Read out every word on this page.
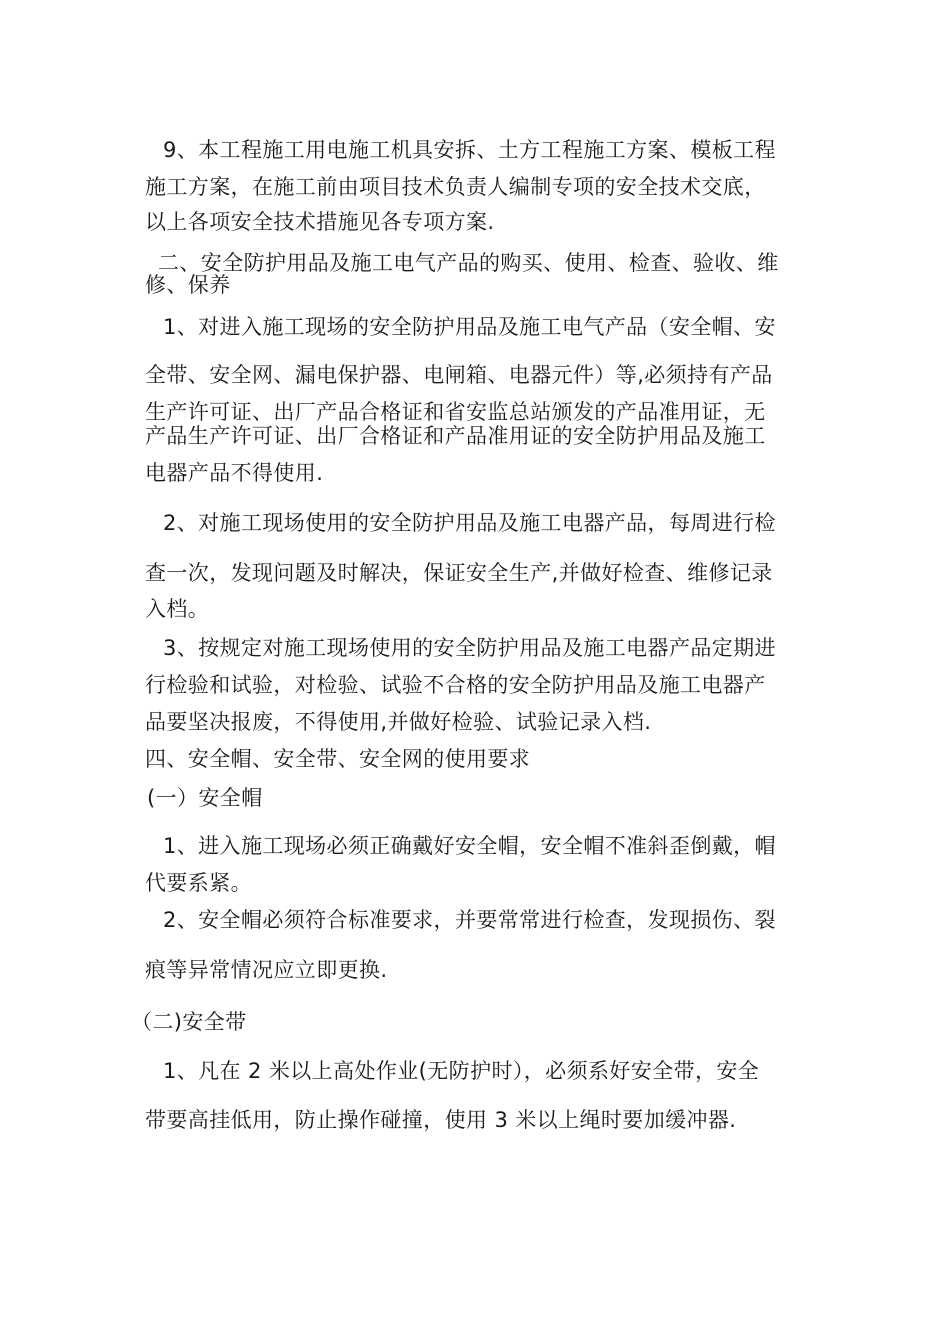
9、本工程施工用电施工机具安拆、土方工程施工方案、模板工程
施工方案，在施工前由项目技术负责人编制专项的安全技术交底，
以上各项安全技术措施见各专项方案.
二、安全防护用品及施工电气产品的购买、使用、检查、验收、维
修、保养
1、对进入施工现场的安全防护用品及施工电气产品（安全帽、安
全带、安全网、漏电保护器、电闸箱、电器元件）等,必须持有产品
生产许可证、出厂产品合格证和省安监总站颁发的产品准用证，无
产品生产许可证、出厂合格证和产品准用证的安全防护用品及施工
电器产品不得使用.
2、对施工现场使用的安全防护用品及施工电器产品，每周进行检
查一次，发现问题及时解决，保证安全生产,并做好检查、维修记录
入档。
3、按规定对施工现场使用的安全防护用品及施工电器产品定期进
行检验和试验，对检验、试验不合格的安全防护用品及施工电器产
品要坚决报废，不得使用,并做好检验、试验记录入档.
四、安全帽、安全带、安全网的使用要求
(一）安全帽
1、进入施工现场必须正确戴好安全帽，安全帽不准斜歪倒戴，帽
代要系紧。
2、安全帽必须符合标准要求，并要常常进行检查，发现损伤、裂
痕等异常情况应立即更换.
（二)安全带
1、凡在 2 米以上高处作业(无防护时），必须系好安全带，安全
带要高挂低用，防止操作碰撞，使用 3 米以上绳时要加缓冲器.
